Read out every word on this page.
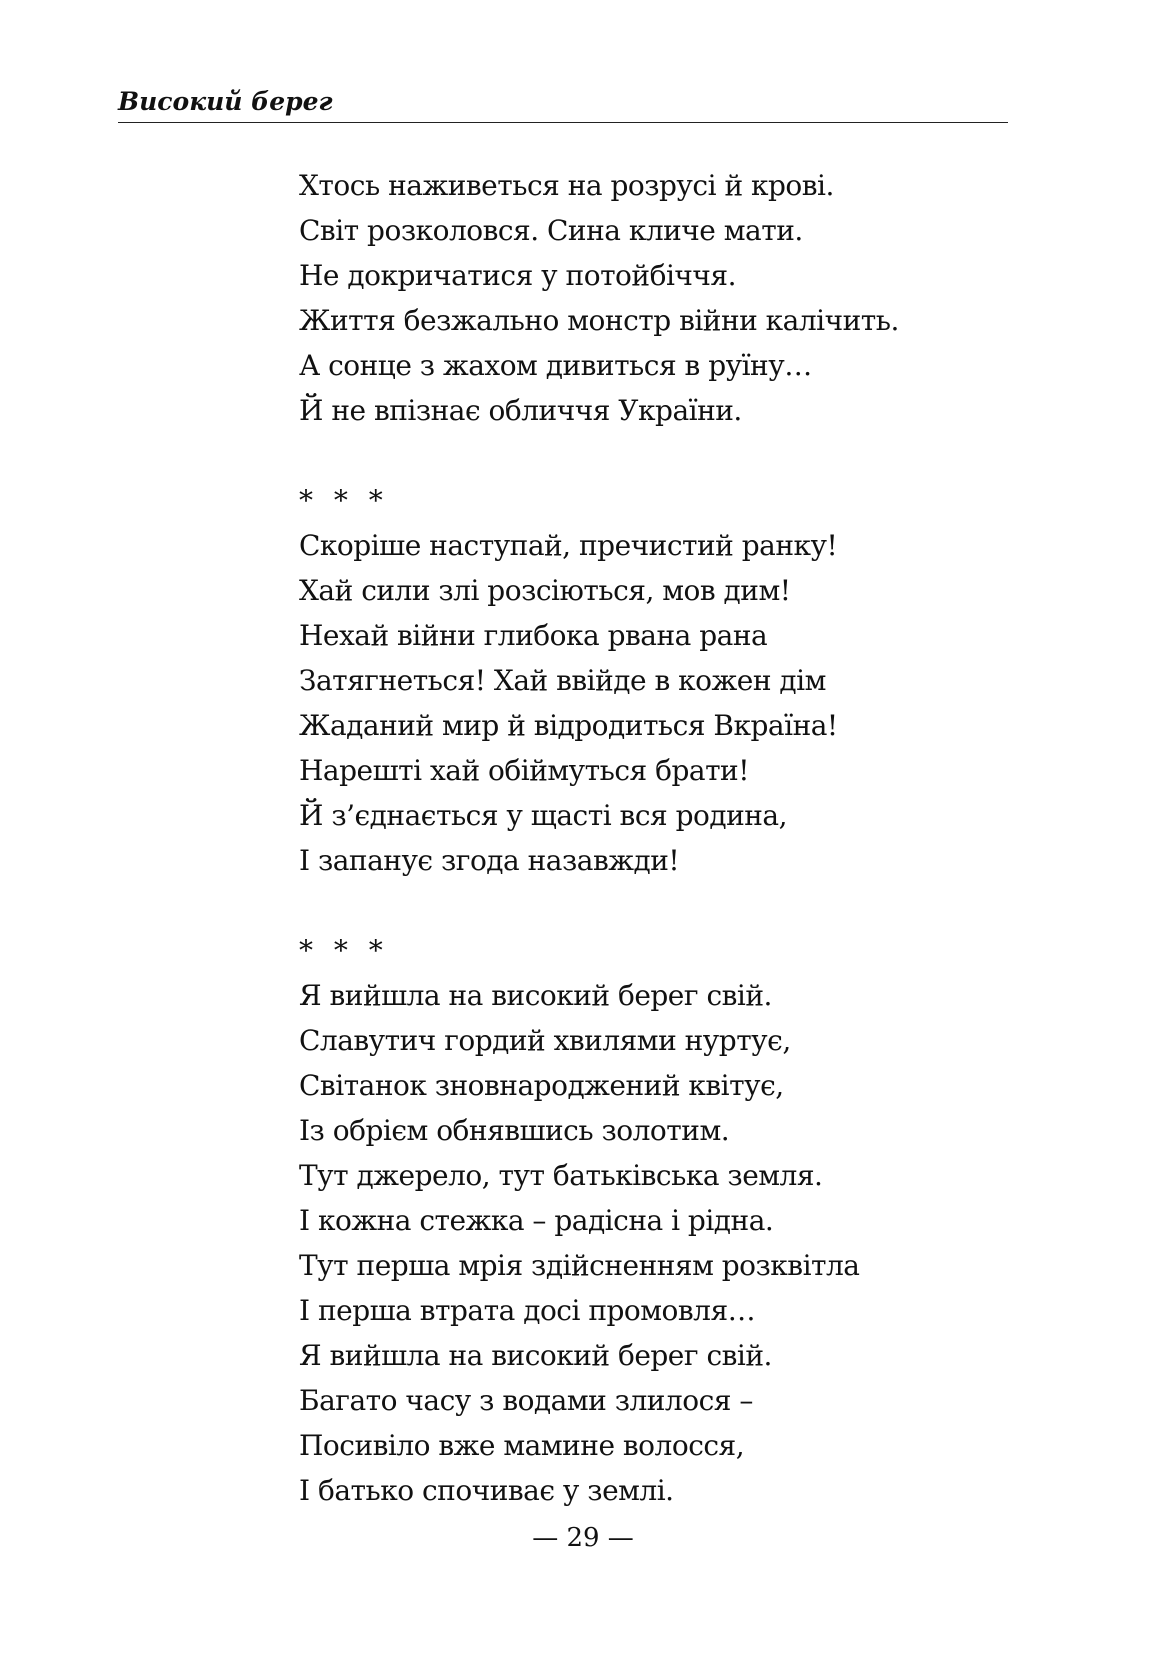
Високий берег
Хтось наживеться на розрусі й крові.
Світ розколовся. Сина кличе мати.
Не докричатися у потойбіччя.
Життя безжально монстр війни калічить.
А сонце з жахом дивиться в руїну…
Й не впізнає обличчя України.
* * *
Скоріше наступай, пречистий ранку!
Хай сили злі розсіються, мов дим!
Нехай війни глибока рвана рана
Затягнеться! Хай ввійде в кожен дім
Жаданий мир й відродиться Вкраїна!
Нарешті хай обіймуться брати!
Й з’єднається у щасті вся родина,
І запанує згода назавжди!
* * *
Я вийшла на високий берег свій.
Славутич гордий хвилями нуртує,
Світанок зновнароджений квітує,
Із обрієм обнявшись золотим.
Тут джерело, тут батьківська земля.
І кожна стежка – радісна і рідна.
Тут перша мрія здійсненням розквітла
І перша втрата досі промовля…
Я вийшла на високий берег свій.
Багато часу з водами злилося –
Посивіло вже мамине волосся,
І батько спочиває у землі.
— 29 —
